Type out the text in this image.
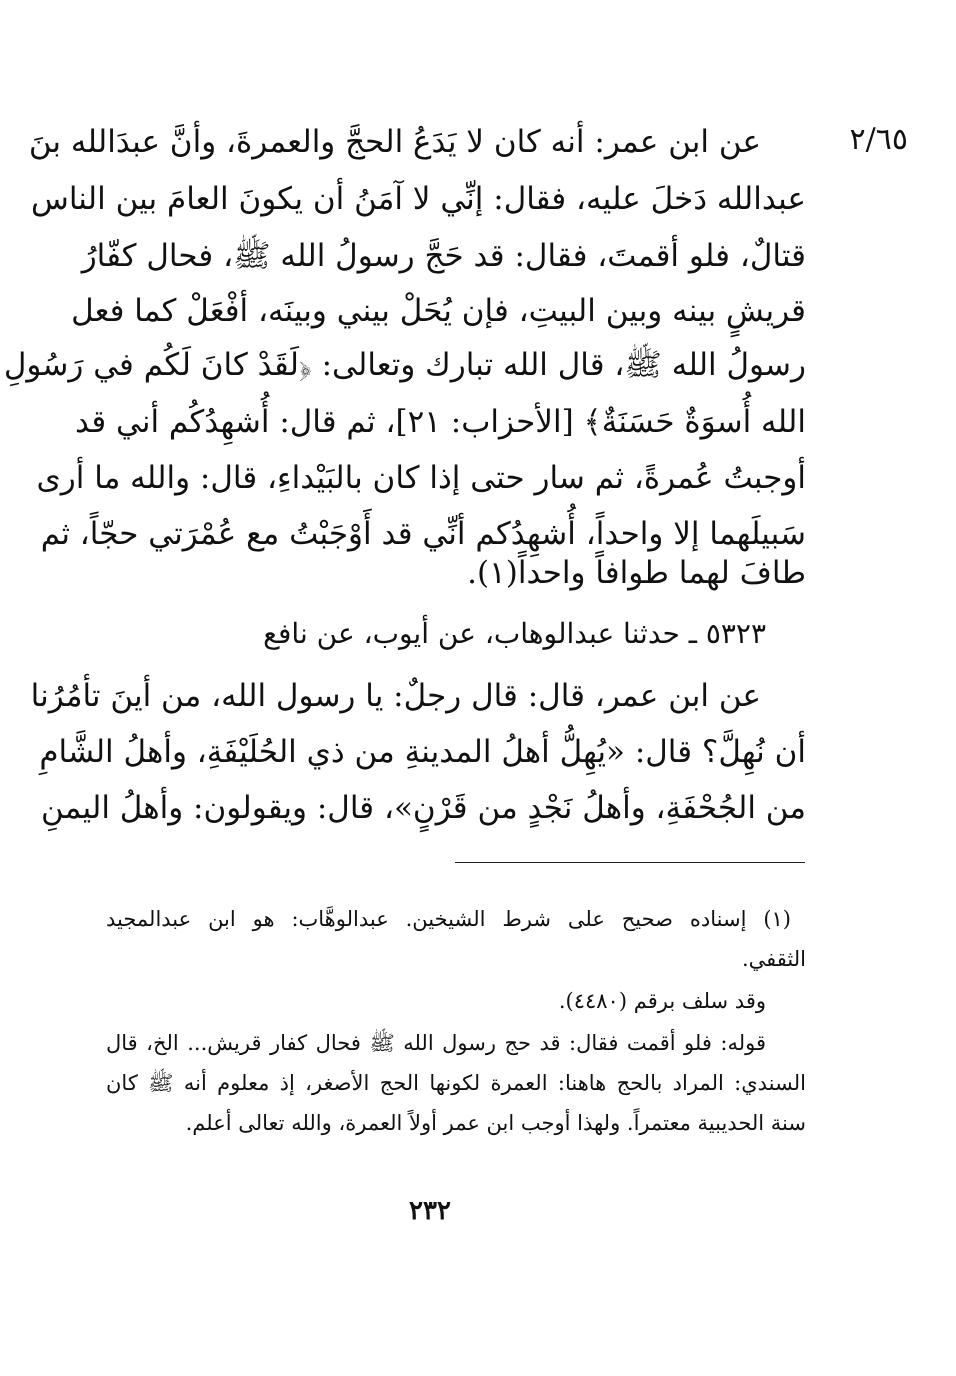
٢/٦٥
عن ابن عمر: أنه كان لا يَدَعُ الحجَّ والعمرةَ، وأنَّ عبدَالله بنَ
عبدالله دَخلَ عليه، فقال: إنِّي لا آمَنُ أن يكونَ العامَ بين الناس
قتالٌ، فلو أقمتَ، فقال: قد حَجَّ رسولُ الله ﷺ، فحال كفّارُ
قريشٍ بينه وبين البيتِ، فإن يُحَلْ بيني وبينَه، أفْعَلْ كما فعل
رسولُ الله ﷺ، قال الله تبارك وتعالى: ﴿لَقَدْ كانَ لَكُم في رَسُولِ
الله أُسوَةٌ حَسَنَةٌ﴾ [الأحزاب: ٢١]، ثم قال: أُشهِدُكُم أني قد
أوجبتُ عُمرةً، ثم سار حتى إذا كان بالبَيْداءِ، قال: والله ما أرى
سَبيلَهما إلا واحداً، أُشهِدُكم أنِّي قد أَوْجَبْتُ مع عُمْرَتي حجّاً، ثم
طافَ لهما طوافاً واحداً(١).
٥٣٢٣ ـ حدثنا عبدالوهاب، عن أيوب، عن نافع
عن ابن عمر، قال: قال رجلٌ: يا رسول الله، من أينَ تأمُرُنا
أن نُهِلَّ؟ قال: «يُهِلُّ أهلُ المدينةِ من ذي الحُلَيْفَةِ، وأهلُ الشَّامِ
من الجُحْفَةِ، وأهلُ نَجْدٍ من قَرْنٍ»، قال: ويقولون: وأهلُ اليمنِ
(١) إسناده صحيح على شرط الشيخين. عبدالوهَّاب: هو ابن عبدالمجيد
الثقفي.
وقد سلف برقم (٤٤٨٠).
قوله: فلو أقمت فقال: قد حج رسول الله ﷺ فحال كفار قريش... الخ، قال
السندي: المراد بالحج هاهنا: العمرة لكونها الحج الأصغر، إذ معلوم أنه ﷺ كان
سنة الحديبية معتمراً. ولهذا أوجب ابن عمر أولاً العمرة، والله تعالى أعلم.
٢٣٢
